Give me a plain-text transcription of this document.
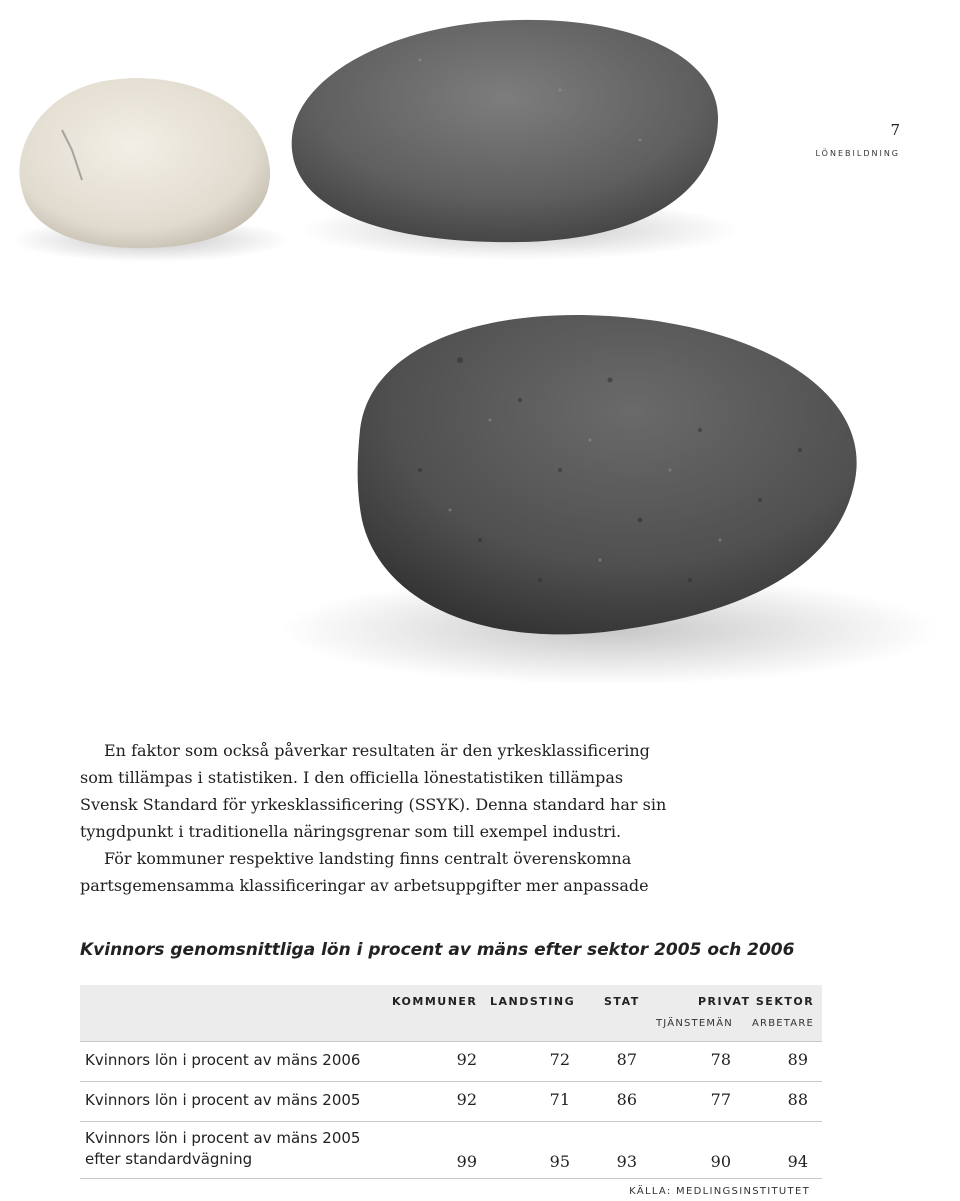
7
lönebildning

En faktor som också påverkar resultaten är den yrkesklassificering som tillämpas i statistiken. I den officiella lönestatistiken tillämpas Svensk Standard för yrkesklassificering (SSYK). Denna standard har sin tyngdpunkt i traditionella näringsgrenar som till exempel industri.

För kommuner respektive landsting finns centralt överenskomna partsgemensamma klassificeringar av arbetsuppgifter mer anpassade

Kvinnors genomsnittliga lön i procent av mäns efter sektor 2005 och 2006
KOMMUNER LANDSTING	STAT	PRIVAT SEKTOR
TJÄNSTEMÄN ARBETARE
Kvinnors lön i procent av mäns 2006	92	72	87	78	89
Kvinnors lön i procent av mäns 2005	92	71	86	77	88
Kvinnors lön i procent av mäns 2005
efter standardvägning	99	95	93	90	94
KÄLLA: MEDLINGSINSTITUTET
